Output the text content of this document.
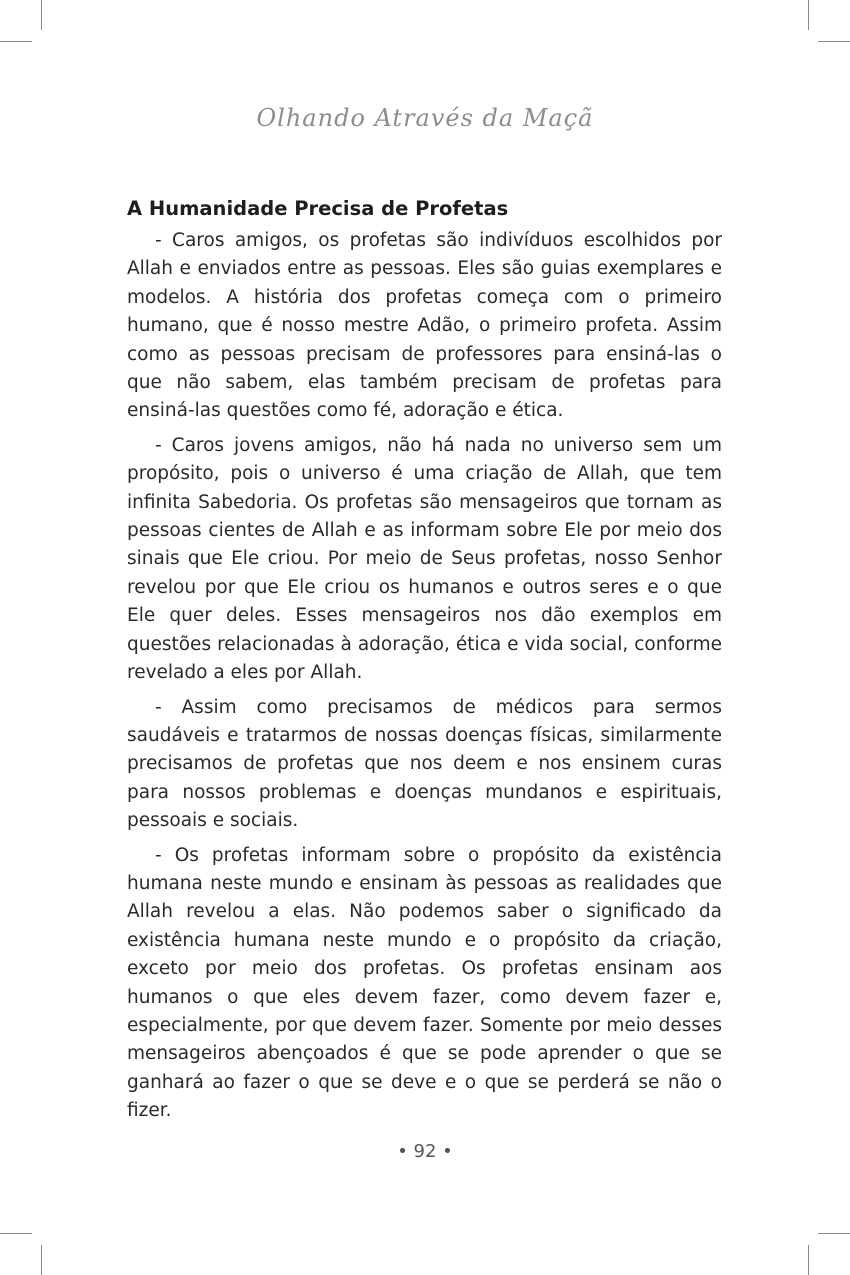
Olhando Através da Maçã
A Humanidade Precisa de Profetas

- Caros amigos, os profetas são indivíduos escolhidos por Allah e enviados entre as pessoas. Eles são guias exemplares e modelos. A história dos profetas começa com o primeiro humano, que é nosso mestre Adão, o primeiro profeta. Assim como as pessoas precisam de professores para ensiná-las o que não sabem, elas também precisam de profetas para ensiná-las questões como fé, adoração e ética.

- Caros jovens amigos, não há nada no universo sem um propósito, pois o universo é uma criação de Allah, que tem infinita Sabedoria. Os profetas são mensageiros que tornam as pessoas cientes de Allah e as informam sobre Ele por meio dos sinais que Ele criou. Por meio de Seus profetas, nosso Senhor revelou por que Ele criou os humanos e outros seres e o que Ele quer deles. Esses mensageiros nos dão exemplos em questões relacionadas à adoração, ética e vida social, conforme revelado a eles por Allah.

- Assim como precisamos de médicos para sermos saudáveis e tratarmos de nossas doenças físicas, similarmente precisamos de profetas que nos deem e nos ensinem curas para nossos problemas e doenças mundanos e espirituais, pessoais e sociais.

- Os profetas informam sobre o propósito da existência humana neste mundo e ensinam às pessoas as realidades que Allah revelou a elas. Não podemos saber o significado da existência humana neste mundo e o propósito da criação, exceto por meio dos profetas. Os profetas ensinam aos humanos o que eles devem fazer, como devem fazer e, especialmente, por que devem fazer. Somente por meio desses mensageiros abençoados é que se pode aprender o que se ganhará ao fazer o que se deve e o que se perderá se não o fizer.

• 92 •
